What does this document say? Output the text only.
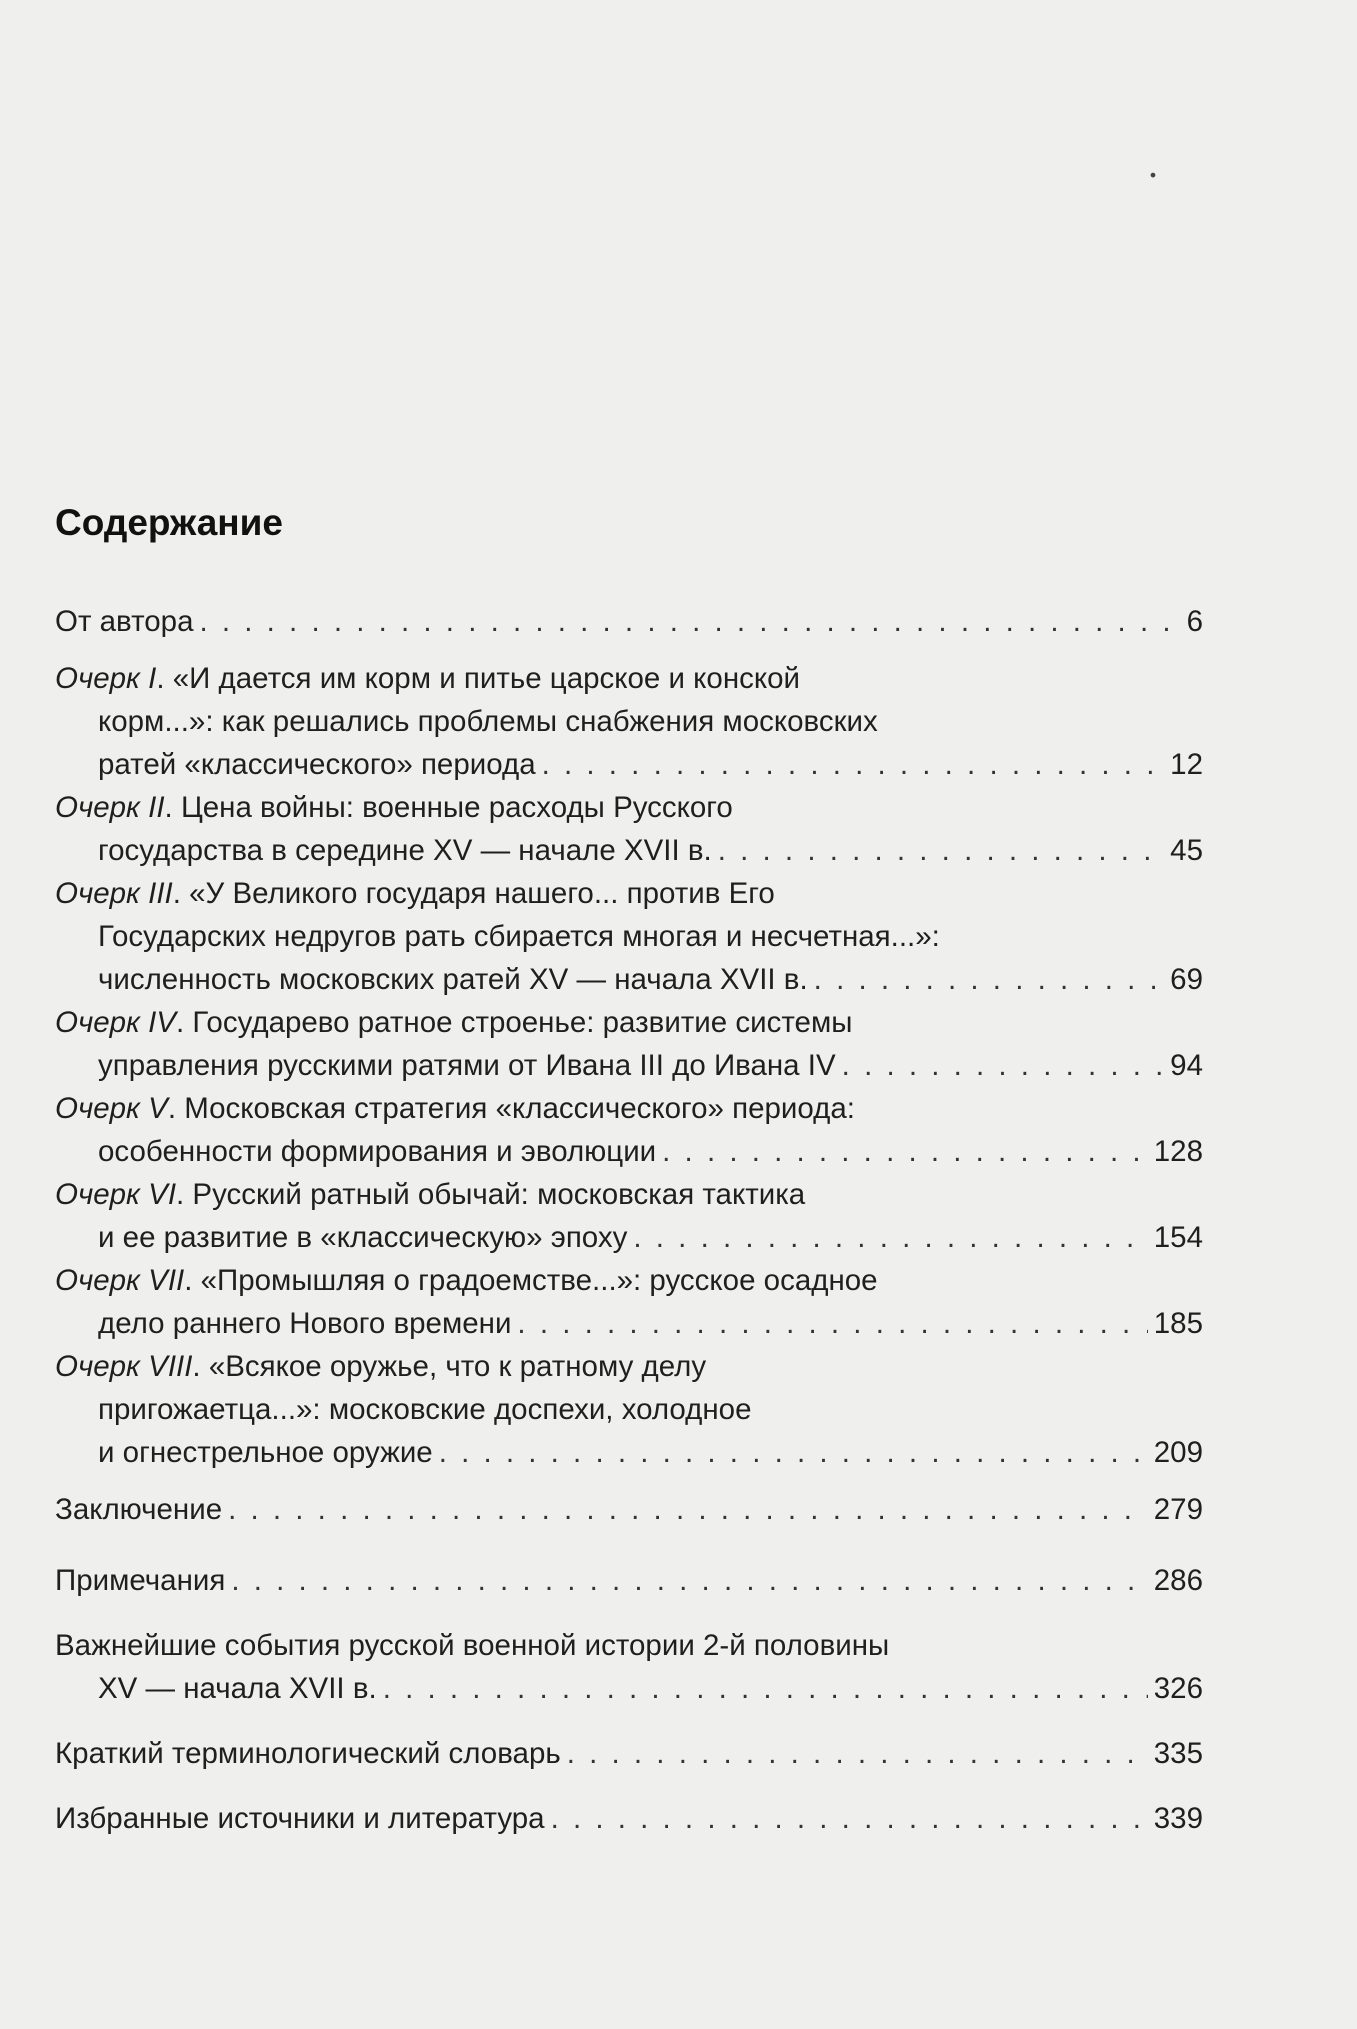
.
Содержание
От автора . . .	6
Очерк I . «И дается им корм и питье царское и конской
корм...»: как решались проблемы снабжения московских
ратей «классического» периода . . .	12
Очерк II . Цена войны: военные расходы Русского
государства в середине XV — начале XVII в. . . .	45
Очерк III . «У Великого государя нашего... против Его
Государских недругов рать сбирается многая и несчетная...»:
численность московских ратей XV — начала XVII в. . . .	69
Очерк IV . Государево ратное строенье: развитие системы
управления русскими ратями от Ивана III до Ивана IV . . .	94
Очерк V . Московская стратегия «классического» периода:
особенности формирования и эволюции . . .	128
Очерк VI . Русский ратный обычай: московская тактика
и ее развитие в «классическую» эпоху . . .	154
Очерк VII . «Промышляя о градоемстве...»: русское осадное
дело раннего Нового времени . . .	185
Очерк VIII . «Всякое оружье, что к ратному делу
пригожаетца...»: московские доспехи, холодное
и огнестрельное оружие . . .	209
Заключение . . .	279
Примечания . . .	286
Важнейшие события русской военной истории 2-й половины
XV — начала XVII в. . . .	326
Краткий терминологический словарь . . .	335
Избранные источники и литература . . .	339
